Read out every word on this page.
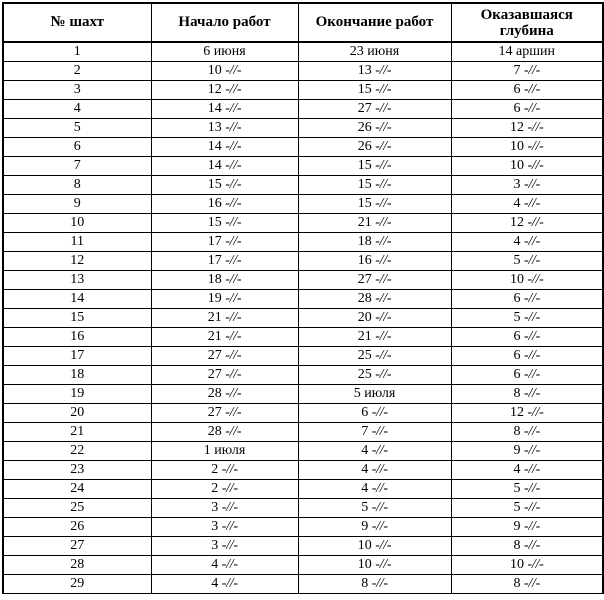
№ шахт	Начало работ	Окончание работ	Оказавшаяся
глубина
1	6 июня	23 июня	14 аршин
2	10 -//-	13 -//-	7 -//-
3	12 -//-	15 -//-	6 -//-
4	14 -//-	27 -//-	6 -//-
5	13 -//-	26 -//-	12 -//-
6	14 -//-	26 -//-	10 -//-
7	14 -//-	15 -//-	10 -//-
8	15 -//-	15 -//-	3 -//-
9	16 -//-	15 -//-	4 -//-
10	15 -//-	21 -//-	12 -//-
11	17 -//-	18 -//-	4 -//-
12	17 -//-	16 -//-	5 -//-
13	18 -//-	27 -//-	10 -//-
14	19 -//-	28 -//-	6 -//-
15	21 -//-	20 -//-	5 -//-
16	21 -//-	21 -//-	6 -//-
17	27 -//-	25 -//-	6 -//-
18	27 -//-	25 -//-	6 -//-
19	28 -//-	5 июля	8 -//-
20	27 -//-	6 -//-	12 -//-
21	28 -//-	7 -//-	8 -//-
22	1 июля	4 -//-	9 -//-
23	2 -//-	4 -//-	4 -//-
24	2 -//-	4 -//-	5 -//-
25	3 -//-	5 -//-	5 -//-
26	3 -//-	9 -//-	9 -//-
27	3 -//-	10 -//-	8 -//-
28	4 -//-	10 -//-	10 -//-
29	4 -//-	8 -//-	8 -//-
